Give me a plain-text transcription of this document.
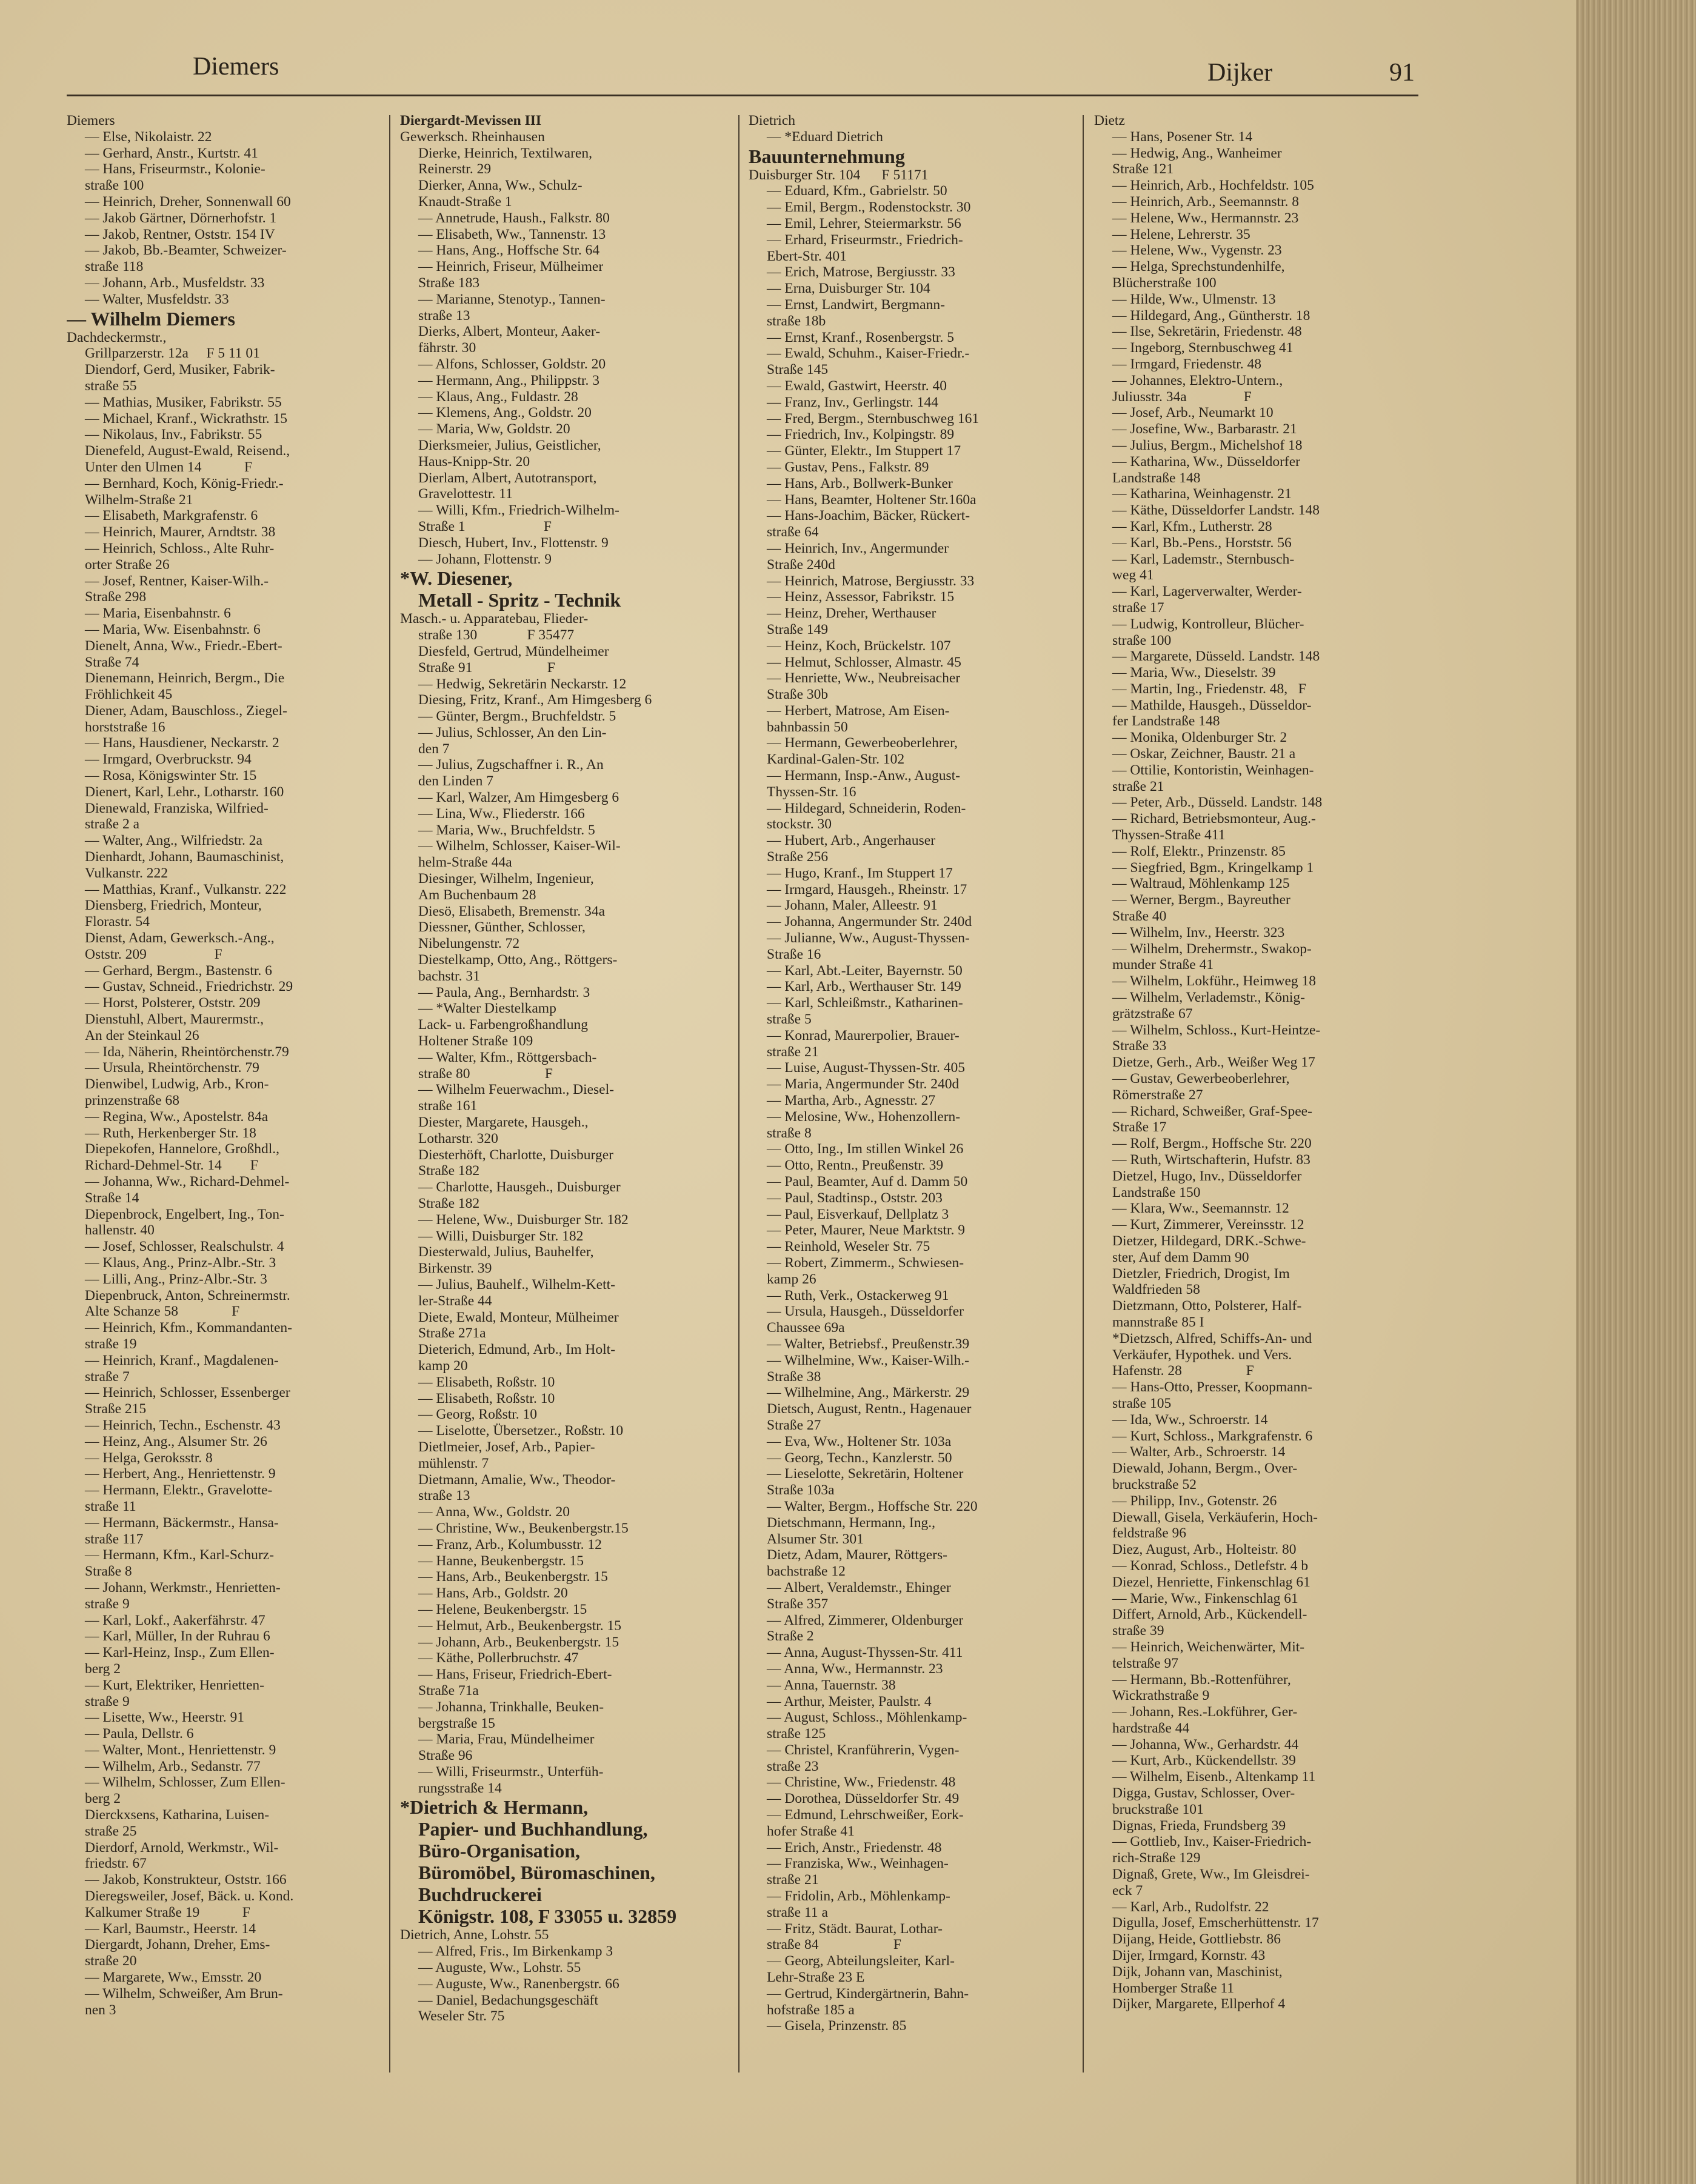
Diemers	Dijker	91
Diemers
— Else, Nikolaistr. 22
— Gerhard, Anstr., Kurtstr. 41
— Hans, Friseurmstr., Kolonie-
straße 100
— Heinrich, Dreher, Sonnenwall 60
— Jakob Gärtner, Dörnerhofstr. 1
— Jakob, Rentner, Oststr. 154 IV
— Jakob, Bb.-Beamter, Schweizer-
straße 118
— Johann, Arb., Musfeldstr. 33
— Walter, Musfeldstr. 33
— Wilhelm Diemers
Dachdeckermstr.,
Grillparzerstr. 12a     F 5 11 01
Diendorf, Gerd, Musiker, Fabrik-
straße 55
— Mathias, Musiker, Fabrikstr. 55
— Michael, Kranf., Wickrathstr. 15
— Nikolaus, Inv., Fabrikstr. 55
Dienefeld, August-Ewald, Reisend.,
Unter den Ulmen 14            F
— Bernhard, Koch, König-Friedr.-
Wilhelm-Straße 21
— Elisabeth, Markgrafenstr. 6
— Heinrich, Maurer, Arndtstr. 38
— Heinrich, Schloss., Alte Ruhr-
orter Straße 26
— Josef, Rentner, Kaiser-Wilh.-
Straße 298
— Maria, Eisenbahnstr. 6
— Maria, Ww. Eisenbahnstr. 6
Dienelt, Anna, Ww., Friedr.-Ebert-
Straße 74
Dienemann, Heinrich, Bergm., Die
Fröhlichkeit 45
Diener, Adam, Bauschloss., Ziegel-
horststraße 16
— Hans, Hausdiener, Neckarstr. 2
— Irmgard, Overbruckstr. 94
— Rosa, Königswinter Str. 15
Dienert, Karl, Lehr., Lotharstr. 160
Dienewald, Franziska, Wilfried-
straße 2 a
— Walter, Ang., Wilfriedstr. 2a
Dienhardt, Johann, Baumaschinist,
Vulkanstr. 222
— Matthias, Kranf., Vulkanstr. 222
Diensberg, Friedrich, Monteur,
Florastr. 54
Dienst, Adam, Gewerksch.-Ang.,
Oststr. 209                   F
— Gerhard, Bergm., Bastenstr. 6
— Gustav, Schneid., Friedrichstr. 29
— Horst, Polsterer, Oststr. 209
Dienstuhl, Albert, Maurermstr.,
An der Steinkaul 26
— Ida, Näherin, Rheintörchenstr.79
— Ursula, Rheintörchenstr. 79
Dienwibel, Ludwig, Arb., Kron-
prinzenstraße 68
— Regina, Ww., Apostelstr. 84a
— Ruth, Herkenberger Str. 18
Diepekofen, Hannelore, Großhdl.,
Richard-Dehmel-Str. 14        F
— Johanna, Ww., Richard-Dehmel-
Straße 14
Diepenbrock, Engelbert, Ing., Ton-
hallenstr. 40
— Josef, Schlosser, Realschulstr. 4
— Klaus, Ang., Prinz-Albr.-Str. 3
— Lilli, Ang., Prinz-Albr.-Str. 3
Diepenbruck, Anton, Schreinermstr.
Alte Schanze 58               F
— Heinrich, Kfm., Kommandanten-
straße 19
— Heinrich, Kranf., Magdalenen-
straße 7
— Heinrich, Schlosser, Essenberger
Straße 215
— Heinrich, Techn., Eschenstr. 43
— Heinz, Ang., Alsumer Str. 26
— Helga, Geroksstr. 8
— Herbert, Ang., Henriettenstr. 9
— Hermann, Elektr., Gravelotte-
straße 11
— Hermann, Bäckermstr., Hansa-
straße 117
— Hermann, Kfm., Karl-Schurz-
Straße 8
— Johann, Werkmstr., Henrietten-
straße 9
— Karl, Lokf., Aakerfährstr. 47
— Karl, Müller, In der Ruhrau 6
— Karl-Heinz, Insp., Zum Ellen-
berg 2
— Kurt, Elektriker, Henrietten-
straße 9
— Lisette, Ww., Heerstr. 91
— Paula, Dellstr. 6
— Walter, Mont., Henriettenstr. 9
— Wilhelm, Arb., Sedanstr. 77
— Wilhelm, Schlosser, Zum Ellen-
berg 2
Dierckxsens, Katharina, Luisen-
straße 25
Dierdorf, Arnold, Werkmstr., Wil-
friedstr. 67
— Jakob, Konstrukteur, Oststr. 166
Dieregsweiler, Josef, Bäck. u. Kond.
Kalkumer Straße 19            F
— Karl, Baumstr., Heerstr. 14
Diergardt, Johann, Dreher, Ems-
straße 20
— Margarete, Ww., Emsstr. 20
— Wilhelm, Schweißer, Am Brun-
nen 3
Diergardt-Mevissen III
Gewerksch. Rheinhausen
Dierke, Heinrich, Textilwaren,
Reinerstr. 29
Dierker, Anna, Ww., Schulz-
Knaudt-Straße 1
— Annetrude, Haush., Falkstr. 80
— Elisabeth, Ww., Tannenstr. 13
— Hans, Ang., Hoffsche Str. 64
— Heinrich, Friseur, Mülheimer
Straße 183
— Marianne, Stenotyp., Tannen-
straße 13
Dierks, Albert, Monteur, Aaker-
fährstr. 30
— Alfons, Schlosser, Goldstr. 20
— Hermann, Ang., Philippstr. 3
— Klaus, Ang., Fuldastr. 28
— Klemens, Ang., Goldstr. 20
— Maria, Ww, Goldstr. 20
Dierksmeier, Julius, Geistlicher,
Haus-Knipp-Str. 20
Dierlam, Albert, Autotransport,
Gravelottestr. 11
— Willi, Kfm., Friedrich-Wilhelm-
Straße 1                      F
Diesch, Hubert, Inv., Flottenstr. 9
— Johann, Flottenstr. 9
*W. Diesener,
Metall - Spritz - Technik
Masch.- u. Apparatebau, Flieder-
straße 130              F 35477
Diesfeld, Gertrud, Mündelheimer
Straße 91                     F
— Hedwig, Sekretärin Neckarstr. 12
Diesing, Fritz, Kranf., Am Himgesberg 6
— Günter, Bergm., Bruchfeldstr. 5
— Julius, Schlosser, An den Lin-
den 7
— Julius, Zugschaffner i. R., An
den Linden 7
— Karl, Walzer, Am Himgesberg 6
— Lina, Ww., Fliederstr. 166
— Maria, Ww., Bruchfeldstr. 5
— Wilhelm, Schlosser, Kaiser-Wil-
helm-Straße 44a
Diesinger, Wilhelm, Ingenieur,
Am Buchenbaum 28
Diesö, Elisabeth, Bremenstr. 34a
Diessner, Günther, Schlosser,
Nibelungenstr. 72
Diestelkamp, Otto, Ang., Röttgers-
bachstr. 31
— Paula, Ang., Bernhardstr. 3
— *Walter Diestelkamp
Lack- u. Farbengroßhandlung
Holtener Straße 109
— Walter, Kfm., Röttgersbach-
straße 80                     F
— Wilhelm Feuerwachm., Diesel-
straße 161
Diester, Margarete, Hausgeh.,
Lotharstr. 320
Diesterhöft, Charlotte, Duisburger
Straße 182
— Charlotte, Hausgeh., Duisburger
Straße 182
— Helene, Ww., Duisburger Str. 182
— Willi, Duisburger Str. 182
Diesterwald, Julius, Bauhelfer,
Birkenstr. 39
— Julius, Bauhelf., Wilhelm-Kett-
ler-Straße 44
Diete, Ewald, Monteur, Mülheimer
Straße 271a
Dieterich, Edmund, Arb., Im Holt-
kamp 20
— Elisabeth, Roßstr. 10
— Elisabeth, Roßstr. 10
— Georg, Roßstr. 10
— Liselotte, Übersetzer., Roßstr. 10
Dietlmeier, Josef, Arb., Papier-
mühlenstr. 7
Dietmann, Amalie, Ww., Theodor-
straße 13
— Anna, Ww., Goldstr. 20
— Christine, Ww., Beukenbergstr.15
— Franz, Arb., Kolumbusstr. 12
— Hanne, Beukenbergstr. 15
— Hans, Arb., Beukenbergstr. 15
— Hans, Arb., Goldstr. 20
— Helene, Beukenbergstr. 15
— Helmut, Arb., Beukenbergstr. 15
— Johann, Arb., Beukenbergstr. 15
— Käthe, Pollerbruchstr. 47
— Hans, Friseur, Friedrich-Ebert-
Straße 71a
— Johanna, Trinkhalle, Beuken-
bergstraße 15
— Maria, Frau, Mündelheimer
Straße 96
— Willi, Friseurmstr., Unterfüh-
rungsstraße 14
*Dietrich & Hermann,
Papier- und Buchhandlung,
Büro-Organisation,
Büromöbel, Büromaschinen,
Buchdruckerei
Königstr. 108, F 33055 u. 32859
Dietrich, Anne, Lohstr. 55
— Alfred, Fris., Im Birkenkamp 3
— Auguste, Ww., Lohstr. 55
— Auguste, Ww., Ranenbergstr. 66
— Daniel, Bedachungsgeschäft
Weseler Str. 75
Dietrich
— *Eduard Dietrich
Bauunternehmung
Duisburger Str. 104      F 51171
— Eduard, Kfm., Gabrielstr. 50
— Emil, Bergm., Rodenstockstr. 30
— Emil, Lehrer, Steiermarkstr. 56
— Erhard, Friseurmstr., Friedrich-
Ebert-Str. 401
— Erich, Matrose, Bergiusstr. 33
— Erna, Duisburger Str. 104
— Ernst, Landwirt, Bergmann-
straße 18b
— Ernst, Kranf., Rosenbergstr. 5
— Ewald, Schuhm., Kaiser-Friedr.-
Straße 145
— Ewald, Gastwirt, Heerstr. 40
— Franz, Inv., Gerlingstr. 144
— Fred, Bergm., Sternbuschweg 161
— Friedrich, Inv., Kolpingstr. 89
— Günter, Elektr., Im Stuppert 17
— Gustav, Pens., Falkstr. 89
— Hans, Arb., Bollwerk-Bunker
— Hans, Beamter, Holtener Str.160a
— Hans-Joachim, Bäcker, Rückert-
straße 64
— Heinrich, Inv., Angermunder
Straße 240d
— Heinrich, Matrose, Bergiusstr. 33
— Heinz, Assessor, Fabrikstr. 15
— Heinz, Dreher, Werthauser
Straße 149
— Heinz, Koch, Brückelstr. 107
— Helmut, Schlosser, Almastr. 45
— Henriette, Ww., Neubreisacher
Straße 30b
— Herbert, Matrose, Am Eisen-
bahnbassin 50
— Hermann, Gewerbeoberlehrer,
Kardinal-Galen-Str. 102
— Hermann, Insp.-Anw., August-
Thyssen-Str. 16
— Hildegard, Schneiderin, Roden-
stockstr. 30
— Hubert, Arb., Angerhauser
Straße 256
— Hugo, Kranf., Im Stuppert 17
— Irmgard, Hausgeh., Rheinstr. 17
— Johann, Maler, Alleestr. 91
— Johanna, Angermunder Str. 240d
— Julianne, Ww., August-Thyssen-
Straße 16
— Karl, Abt.-Leiter, Bayernstr. 50
— Karl, Arb., Werthauser Str. 149
— Karl, Schleißmstr., Katharinen-
straße 5
— Konrad, Maurerpolier, Brauer-
straße 21
— Luise, August-Thyssen-Str. 405
— Maria, Angermunder Str. 240d
— Martha, Arb., Agnesstr. 27
— Melosine, Ww., Hohenzollern-
straße 8
— Otto, Ing., Im stillen Winkel 26
— Otto, Rentn., Preußenstr. 39
— Paul, Beamter, Auf d. Damm 50
— Paul, Stadtinsp., Oststr. 203
— Paul, Eisverkauf, Dellplatz 3
— Peter, Maurer, Neue Marktstr. 9
— Reinhold, Weseler Str. 75
— Robert, Zimmerm., Schwiesen-
kamp 26
— Ruth, Verk., Ostackerweg 91
— Ursula, Hausgeh., Düsseldorfer
Chaussee 69a
— Walter, Betriebsf., Preußenstr.39
— Wilhelmine, Ww., Kaiser-Wilh.-
Straße 38
— Wilhelmine, Ang., Märkerstr. 29
Dietsch, August, Rentn., Hagenauer
Straße 27
— Eva, Ww., Holtener Str. 103a
— Georg, Techn., Kanzlerstr. 50
— Lieselotte, Sekretärin, Holtener
Straße 103a
— Walter, Bergm., Hoffsche Str. 220
Dietschmann, Hermann, Ing.,
Alsumer Str. 301
Dietz, Adam, Maurer, Röttgers-
bachstraße 12
— Albert, Veraldemstr., Ehinger
Straße 357
— Alfred, Zimmerer, Oldenburger
Straße 2
— Anna, August-Thyssen-Str. 411
— Anna, Ww., Hermannstr. 23
— Anna, Tauernstr. 38
— Arthur, Meister, Paulstr. 4
— August, Schloss., Möhlenkamp-
straße 125
— Christel, Kranführerin, Vygen-
straße 23
— Christine, Ww., Friedenstr. 48
— Dorothea, Düsseldorfer Str. 49
— Edmund, Lehrschweißer, Eork-
hofer Straße 41
— Erich, Anstr., Friedenstr. 48
— Franziska, Ww., Weinhagen-
straße 21
— Fridolin, Arb., Möhlenkamp-
straße 11 a
— Fritz, Städt. Baurat, Lothar-
straße 84                     F
— Georg, Abteilungsleiter, Karl-
Lehr-Straße 23 E
— Gertrud, Kindergärtnerin, Bahn-
hofstraße 185 a
— Gisela, Prinzenstr. 85
Dietz
— Hans, Posener Str. 14
— Hedwig, Ang., Wanheimer
Straße 121
— Heinrich, Arb., Hochfeldstr. 105
— Heinrich, Arb., Seemannstr. 8
— Helene, Ww., Hermannstr. 23
— Helene, Lehrerstr. 35
— Helene, Ww., Vygenstr. 23
— Helga, Sprechstundenhilfe,
Blücherstraße 100
— Hilde, Ww., Ulmenstr. 13
— Hildegard, Ang., Güntherstr. 18
— Ilse, Sekretärin, Friedenstr. 48
— Ingeborg, Sternbuschweg 41
— Irmgard, Friedenstr. 48
— Johannes, Elektro-Untern.,
Juliusstr. 34a                F
— Josef, Arb., Neumarkt 10
— Josefine, Ww., Barbarastr. 21
— Julius, Bergm., Michelshof 18
— Katharina, Ww., Düsseldorfer
Landstraße 148
— Katharina, Weinhagenstr. 21
— Käthe, Düsseldorfer Landstr. 148
— Karl, Kfm., Lutherstr. 28
— Karl, Bb.-Pens., Horststr. 56
— Karl, Lademstr., Sternbusch-
weg 41
— Karl, Lagerverwalter, Werder-
straße 17
— Ludwig, Kontrolleur, Blücher-
straße 100
— Margarete, Düsseld. Landstr. 148
— Maria, Ww., Dieselstr. 39
— Martin, Ing., Friedenstr. 48,   F
— Mathilde, Hausgeh., Düsseldor-
fer Landstraße 148
— Monika, Oldenburger Str. 2
— Oskar, Zeichner, Baustr. 21 a
— Ottilie, Kontoristin, Weinhagen-
straße 21
— Peter, Arb., Düsseld. Landstr. 148
— Richard, Betriebsmonteur, Aug.-
Thyssen-Straße 411
— Rolf, Elektr., Prinzenstr. 85
— Siegfried, Bgm., Kringelkamp 1
— Waltraud, Möhlenkamp 125
— Werner, Bergm., Bayreuther
Straße 40
— Wilhelm, Inv., Heerstr. 323
— Wilhelm, Drehermstr., Swakop-
munder Straße 41
— Wilhelm, Lokführ., Heimweg 18
— Wilhelm, Verlademstr., König-
grätzstraße 67
— Wilhelm, Schloss., Kurt-Heintze-
Straße 33
Dietze, Gerh., Arb., Weißer Weg 17
— Gustav, Gewerbeoberlehrer,
Römerstraße 27
— Richard, Schweißer, Graf-Spee-
Straße 17
— Rolf, Bergm., Hoffsche Str. 220
— Ruth, Wirtschafterin, Hufstr. 83
Dietzel, Hugo, Inv., Düsseldorfer
Landstraße 150
— Klara, Ww., Seemannstr. 12
— Kurt, Zimmerer, Vereinsstr. 12
Dietzer, Hildegard, DRK.-Schwe-
ster, Auf dem Damm 90
Dietzler, Friedrich, Drogist, Im
Waldfrieden 58
Dietzmann, Otto, Polsterer, Half-
mannstraße 85 I
*Dietzsch, Alfred, Schiffs-An- und
Verkäufer, Hypothek. und Vers.
Hafenstr. 28                  F
— Hans-Otto, Presser, Koopmann-
straße 105
— Ida, Ww., Schroerstr. 14
— Kurt, Schloss., Markgrafenstr. 6
— Walter, Arb., Schroerstr. 14
Diewald, Johann, Bergm., Over-
bruckstraße 52
— Philipp, Inv., Gotenstr. 26
Diewall, Gisela, Verkäuferin, Hoch-
feldstraße 96
Diez, August, Arb., Holteistr. 80
— Konrad, Schloss., Detlefstr. 4 b
Diezel, Henriette, Finkenschlag 61
— Marie, Ww., Finkenschlag 61
Differt, Arnold, Arb., Kückendell-
straße 39
— Heinrich, Weichenwärter, Mit-
telstraße 97
— Hermann, Bb.-Rottenführer,
Wickrathstraße 9
— Johann, Res.-Lokführer, Ger-
hardstraße 44
— Johanna, Ww., Gerhardstr. 44
— Kurt, Arb., Kückendellstr. 39
— Wilhelm, Eisenb., Altenkamp 11
Digga, Gustav, Schlosser, Over-
bruckstraße 101
Dignas, Frieda, Frundsberg 39
— Gottlieb, Inv., Kaiser-Friedrich-
rich-Straße 129
Dignaß, Grete, Ww., Im Gleisdrei-
eck 7
— Karl, Arb., Rudolfstr. 22
Digulla, Josef, Emscherhüttenstr. 17
Dijang, Heide, Gottliebstr. 86
Dijer, Irmgard, Kornstr. 43
Dijk, Johann van, Maschinist,
Homberger Straße 11
Dijker, Margarete, Ellperhof 4
